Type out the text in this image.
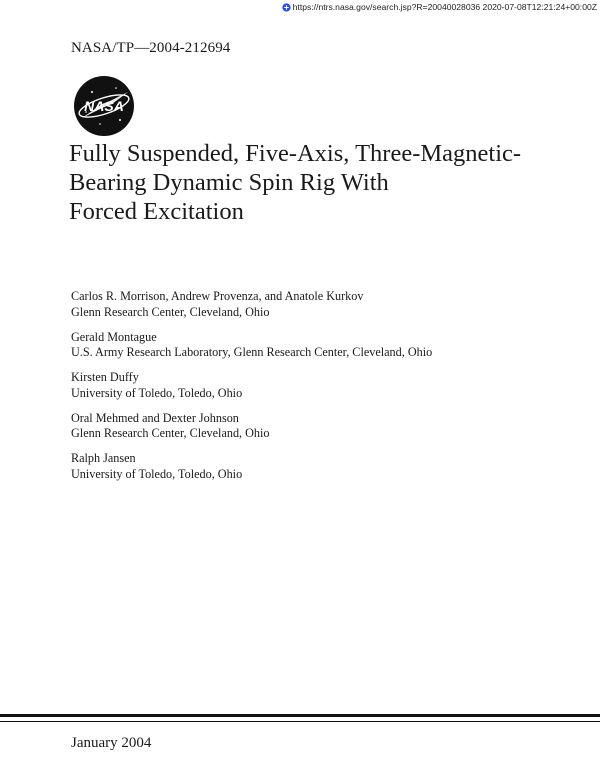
https://ntrs.nasa.gov/search.jsp?R=20040028036 2020-07-08T12:21:24+00:00Z
NASA/TP—2004-212694
NASA
Fully Suspended, Five-Axis, Three-Magnetic-
Bearing Dynamic Spin Rig With
Forced Excitation
Carlos R. Morrison, Andrew Provenza, and Anatole Kurkov
Glenn Research Center, Cleveland, Ohio
Gerald Montague
U.S. Army Research Laboratory, Glenn Research Center, Cleveland, Ohio
Kirsten Duffy
University of Toledo, Toledo, Ohio
Oral Mehmed and Dexter Johnson
Glenn Research Center, Cleveland, Ohio
Ralph Jansen
University of Toledo, Toledo, Ohio
January 2004
